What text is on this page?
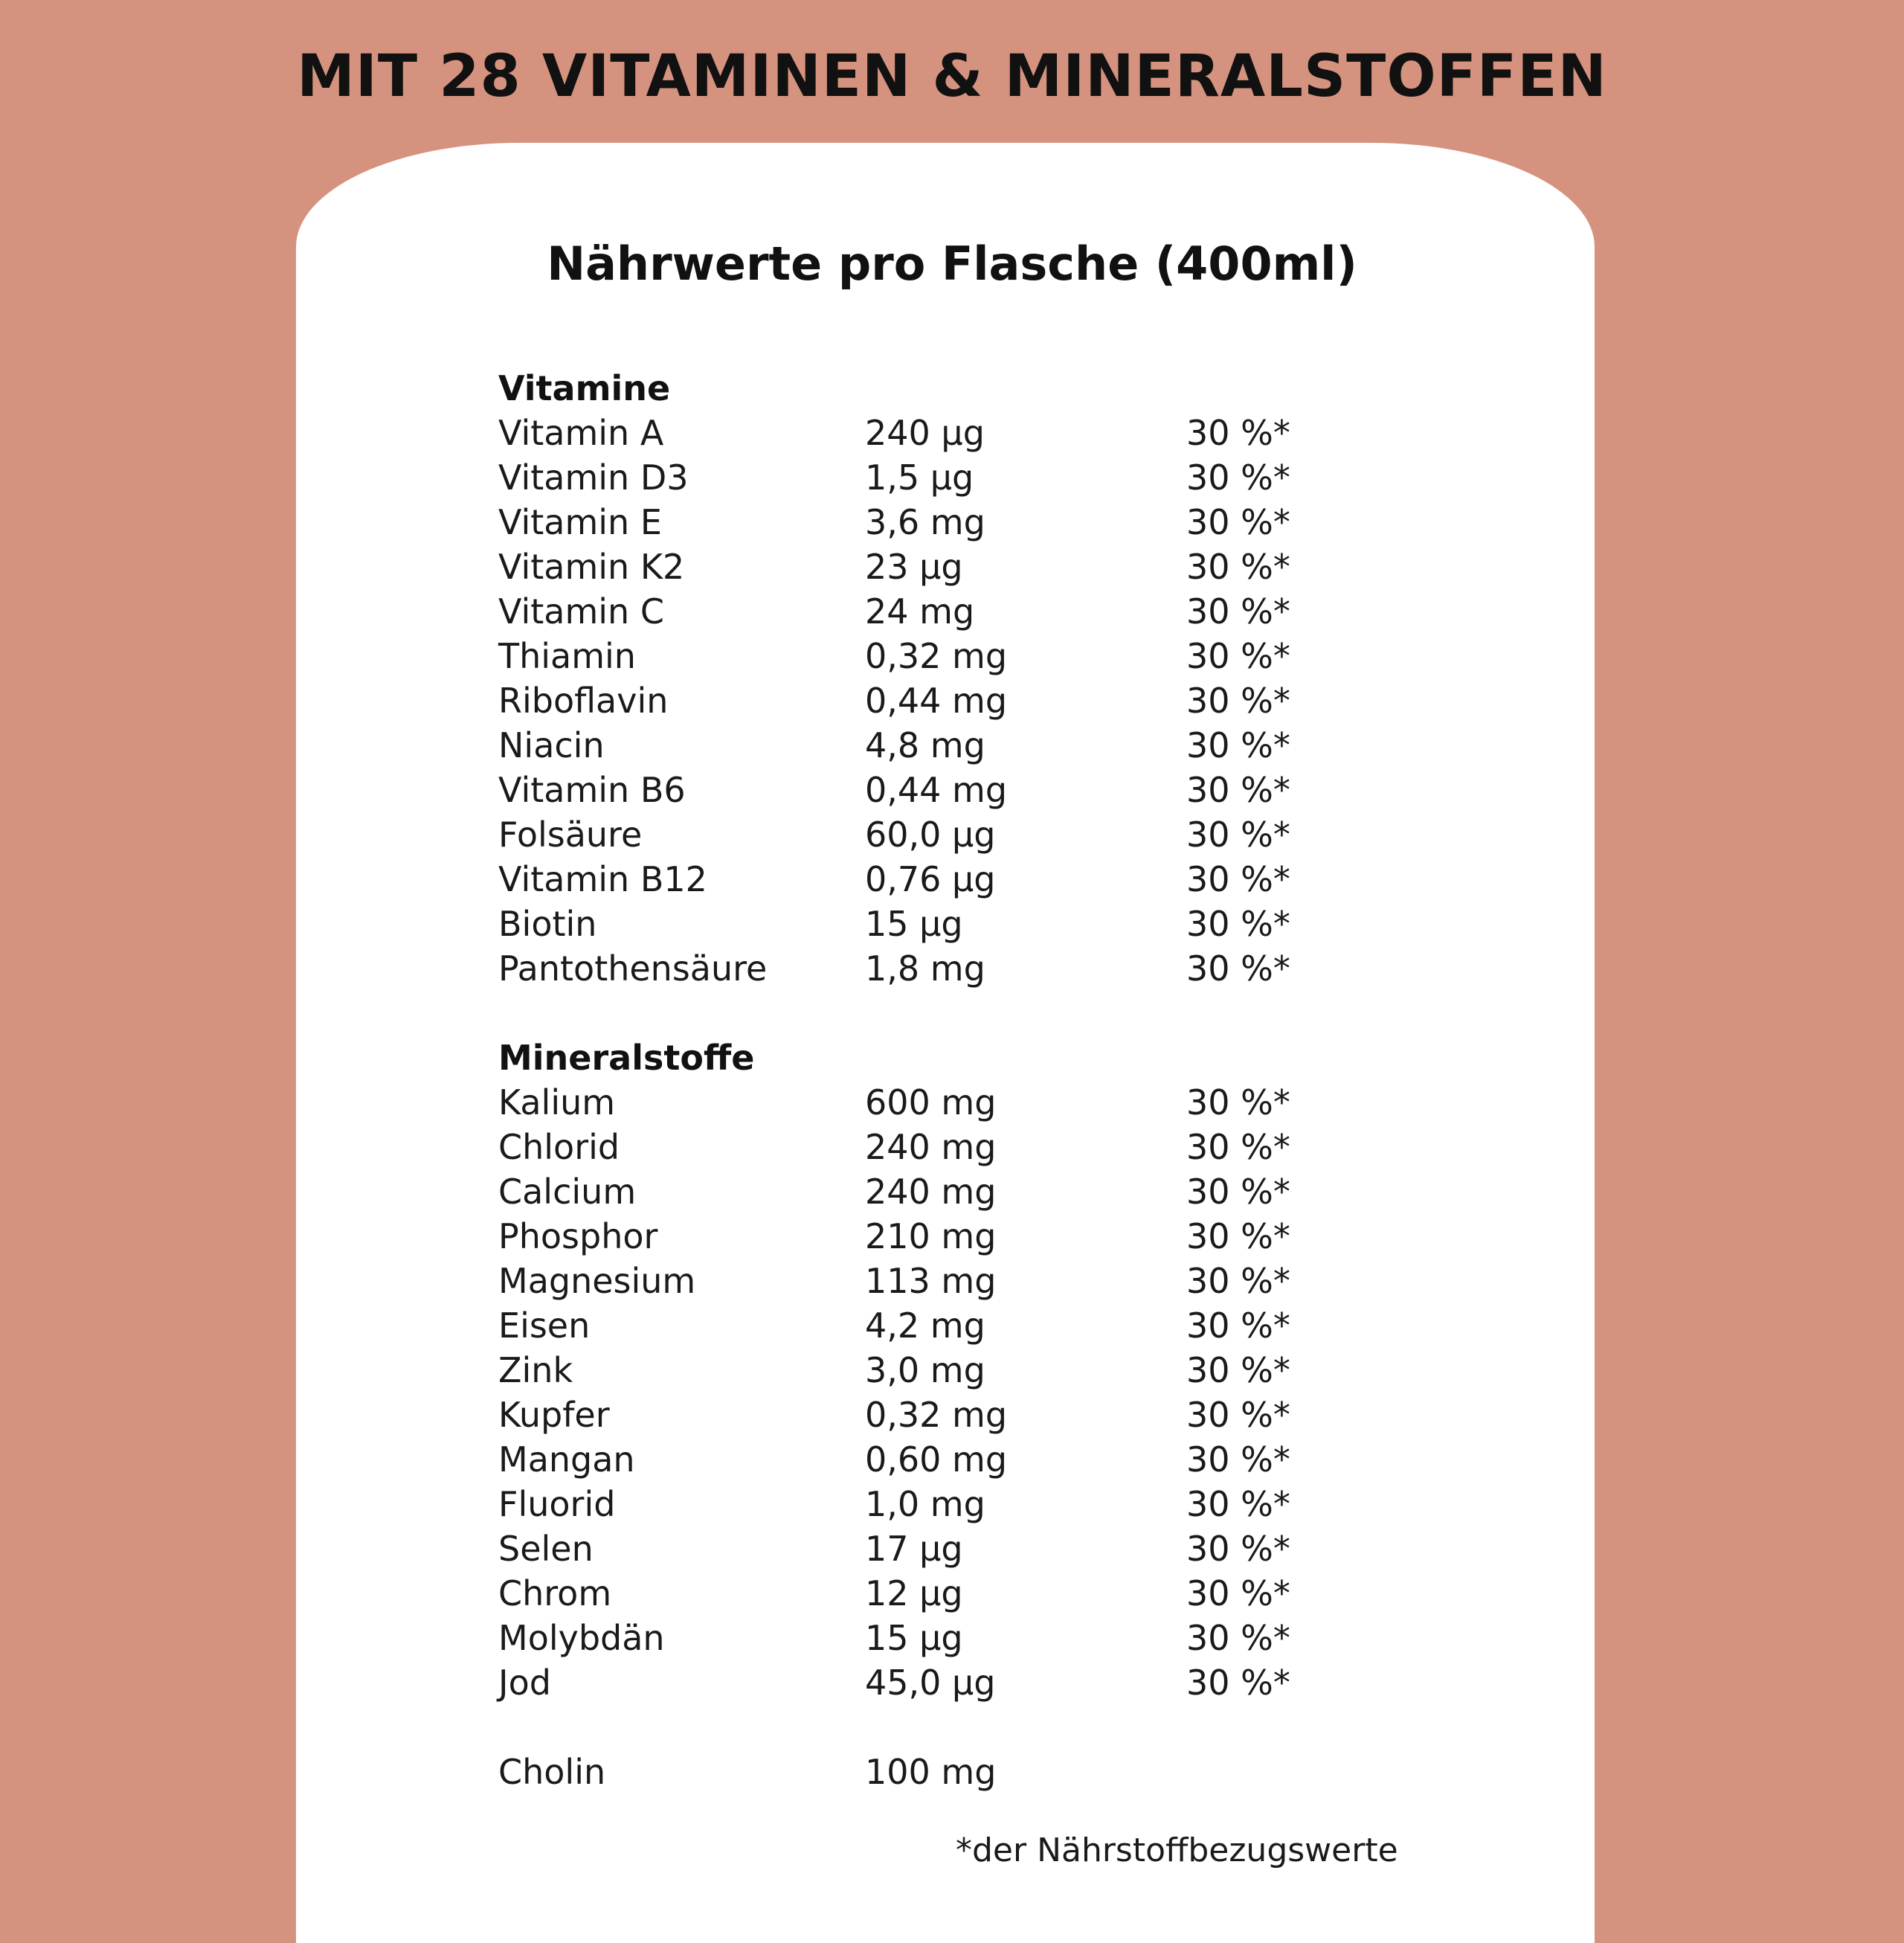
MIT 28 VITAMINEN & MINERALSTOFFEN
Nährwerte pro Flasche (400ml)
Vitamine
Vitamin A	240 µg	30 %*
Vitamin D3	1,5 µg	30 %*
Vitamin E	3,6 mg	30 %*
Vitamin K2	23 µg	30 %*
Vitamin C	24 mg	30 %*
Thiamin	0,32 mg	30 %*
Riboflavin	0,44 mg	30 %*
Niacin	4,8 mg	30 %*
Vitamin B6	0,44 mg	30 %*
Folsäure	60,0 µg	30 %*
Vitamin B12	0,76 µg	30 %*
Biotin	15 µg	30 %*
Pantothensäure	1,8 mg	30 %*
Mineralstoffe
Kalium	600 mg	30 %*
Chlorid	240 mg	30 %*
Calcium	240 mg	30 %*
Phosphor	210 mg	30 %*
Magnesium	113 mg	30 %*
Eisen	4,2 mg	30 %*
Zink	3,0 mg	30 %*
Kupfer	0,32 mg	30 %*
Mangan	0,60 mg	30 %*
Fluorid	1,0 mg	30 %*
Selen	17 µg	30 %*
Chrom	12 µg	30 %*
Molybdän	15 µg	30 %*
Jod	45,0 µg	30 %*
Cholin	100 mg
*der Nährstoffbezugswerte
